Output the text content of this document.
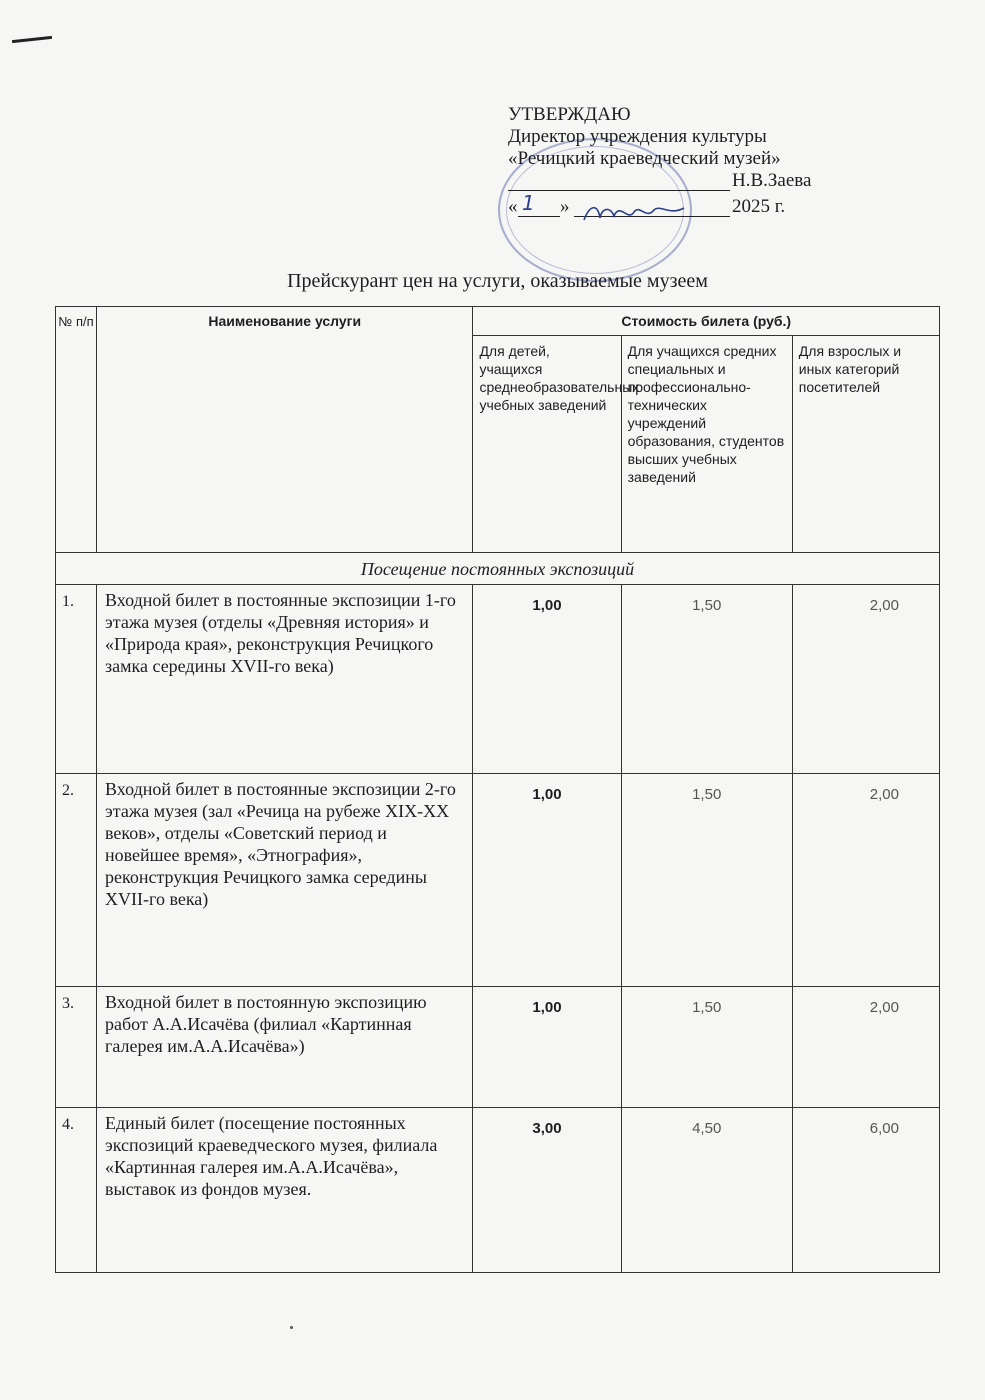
УТВЕРЖДАЮ
Директор учреждения культуры
«Речицкий краеведческий музей»
Н.В.Заева
« 1 »	2025 г.
Прейскурант цен на услуги, оказываемые музеем
№ п/п	Наименование услуги	Стоимость билета (руб.)		
		Для детей, учащихся среднеобразовательных учебных заведений	Для учащихся средних специальных и профессионально-технических учреждений образования, студентов высших учебных заведений	Для взрослых и иных категорий посетителей
Посещение постоянных экспозиций				
1.	Входной билет в постоянные экспозиции 1-го этажа музея (отделы «Древняя история» и «Природа края», реконструкция Речицкого замка середины XVII-го века)	1,00	1,50	2,00
2.	Входной билет в постоянные экспозиции 2-го этажа музея (зал «Речица на рубеже XIX-XX веков», отделы «Советский период и новейшее время», «Этнография», реконструкция Речицкого замка середины XVII-го века)	1,00	1,50	2,00
3.	Входной билет в постоянную экспозицию работ А.А.Исачёва (филиал «Картинная галерея им.А.А.Исачёва»)	1,00	1,50	2,00
4.	Единый билет (посещение постоянных экспозиций краеведческого музея, филиала «Картинная галерея им.А.А.Исачёва», выставок из фондов музея.	3,00	4,50	6,00
